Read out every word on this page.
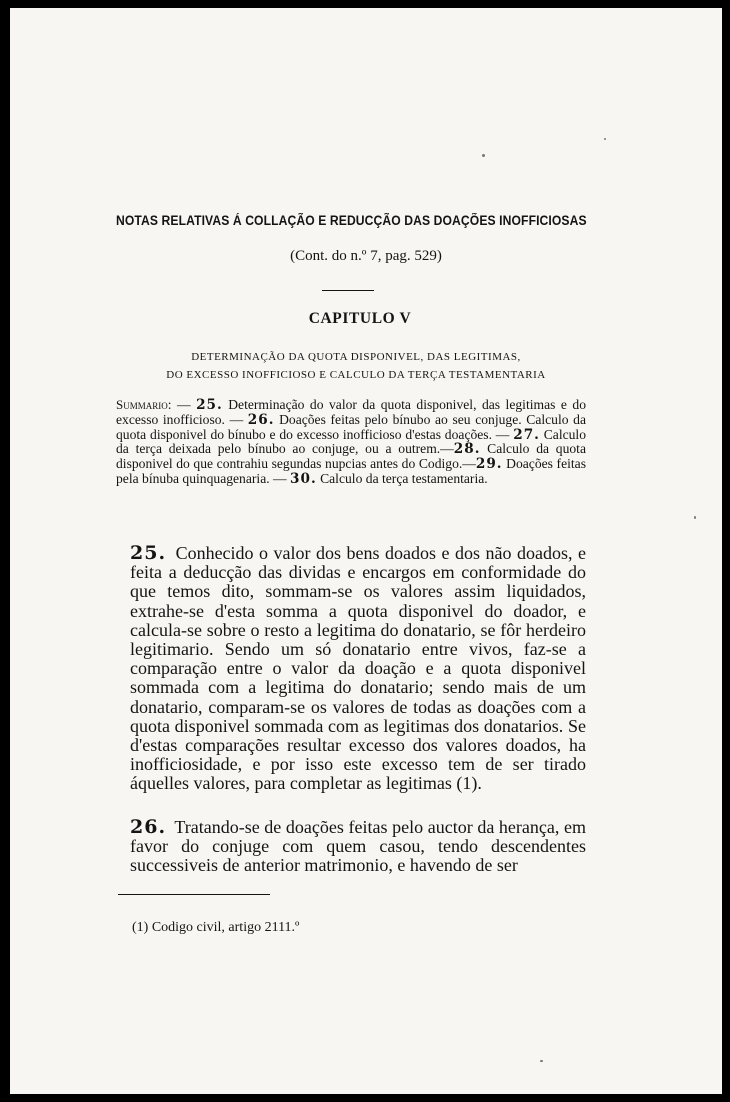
NOTAS RELATIVAS Á COLLAÇÃO E REDUCÇÃO DAS DOAÇÕES INOFFICIOSAS
(Cont. do n.º 7, pag. 529)
CAPITULO V
DETERMINAÇÃO DA QUOTA DISPONIVEL, DAS LEGITIMAS,
DO EXCESSO INOFFICIOSO E CALCULO DA TERÇA TESTAMENTARIA
Summario: — 25. Determinação do valor da quota disponivel, das legitimas e do excesso inofficioso. — 26. Doações feitas pelo bínubo ao seu conjuge. Calculo da quota disponivel do bínubo e do excesso inofficioso d'estas doações. — 27. Calculo da terça deixada pelo bínubo ao conjuge, ou a outrem.—28. Calculo da quota disponivel do que contrahiu segundas nupcias antes do Codigo.—29. Doações feitas pela bínuba quinquagenaria. — 30. Calculo da terça testamentaria.
25. Conhecido o valor dos bens doados e dos não doados, e feita a deducção das dividas e encargos em conformidade do que temos dito, sommam-se os valores assim liquidados, extrahe-se d'esta somma a quota disponivel do doador, e calcula-se sobre o resto a legitima do donatario, se fôr herdeiro legitimario. Sendo um só donatario entre vivos, faz-se a comparação entre o valor da doação e a quota disponivel sommada com a legitima do donatario; sendo mais de um donatario, comparam-se os valores de todas as doações com a quota disponivel sommada com as legitimas dos donatarios. Se d'estas comparações resultar excesso dos valores doados, ha inofficiosidade, e por isso este excesso tem de ser tirado áquelles valores, para completar as legitimas (1).
26. Tratando-se de doações feitas pelo auctor da herança, em favor do conjuge com quem casou, tendo descendentes successiveis de anterior matrimonio, e havendo de ser
(1) Codigo civil, artigo 2111.º
